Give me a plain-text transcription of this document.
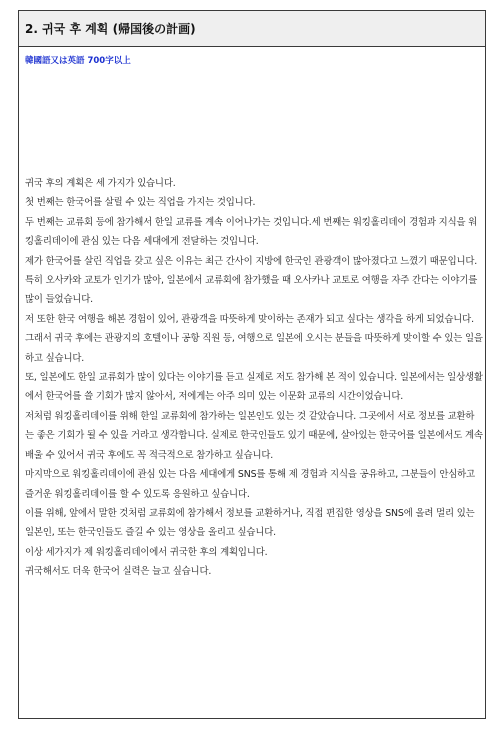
2. 귀국 후 계획 (帰国後の計画)
韓國語又は英語 700字以上

귀국 후의 계획은 세 가지가 있습니다.

첫 번째는 한국어를 살릴 수 있는 직업을 가지는 것입니다.

두 번째는 교류회 등에 참가해서 한일 교류를 계속 이어나가는 것입니다.세 번째는 워킹홀리데이 경험과 지식을 워킹홀리데이에 관심 있는 다음 세대에게 전달하는 것입니다.

제가 한국어를 살린 직업을 갖고 싶은 이유는 최근 간사이 지방에 한국인 관광객이 많아졌다고 느꼈기 때문입니다. 특히 오사카와 교토가 인기가 많아, 일본에서 교류회에 참가했을 때 오사카나 교토로 여행을 자주 간다는 이야기를 많이 들었습니다.

저 또한 한국 여행을 해본 경험이 있어, 관광객을 따뜻하게 맞이하는 존재가 되고 싶다는 생각을 하게 되었습니다. 그래서 귀국 후에는 관광지의 호텔이나 공항 직원 등, 여행으로 일본에 오시는 분들을 따뜻하게 맞이할 수 있는 일을 하고 싶습니다.

또, 일본에도 한일 교류회가 많이 있다는 이야기를 듣고 실제로 저도 참가해 본 적이 있습니다. 일본에서는 일상생활에서 한국어를 쓸 기회가 많지 않아서, 저에게는 아주 의미 있는 이문화 교류의 시간이었습니다.

저처럼 워킹홀리데이를 위해 한일 교류회에 참가하는 일본인도 있는 것 같았습니다. 그곳에서 서로 정보를 교환하는 좋은 기회가 될 수 있을 거라고 생각합니다. 실제로 한국인들도 있기 때문에, 살아있는 한국어를 일본에서도 계속 배울 수 있어서 귀국 후에도 꼭 적극적으로 참가하고 싶습니다.

마지막으로 워킹홀리데이에 관심 있는 다음 세대에게 SNS를 통해 제 경험과 지식을 공유하고, 그분들이 안심하고 즐거운 워킹홀리데이를 할 수 있도록 응원하고 싶습니다.

이를 위해, 앞에서 말한 것처럼 교류회에 참가해서 정보를 교환하거나, 직접 편집한 영상을 SNS에 올려 멀리 있는 일본인, 또는 한국인들도 즐길 수 있는 영상을 올리고 싶습니다.

이상 세가지가 제 워킹홀리데이에서 귀국한 후의 계획입니다.

귀국해서도 더욱 한국어 실력은 늘고 싶습니다.
